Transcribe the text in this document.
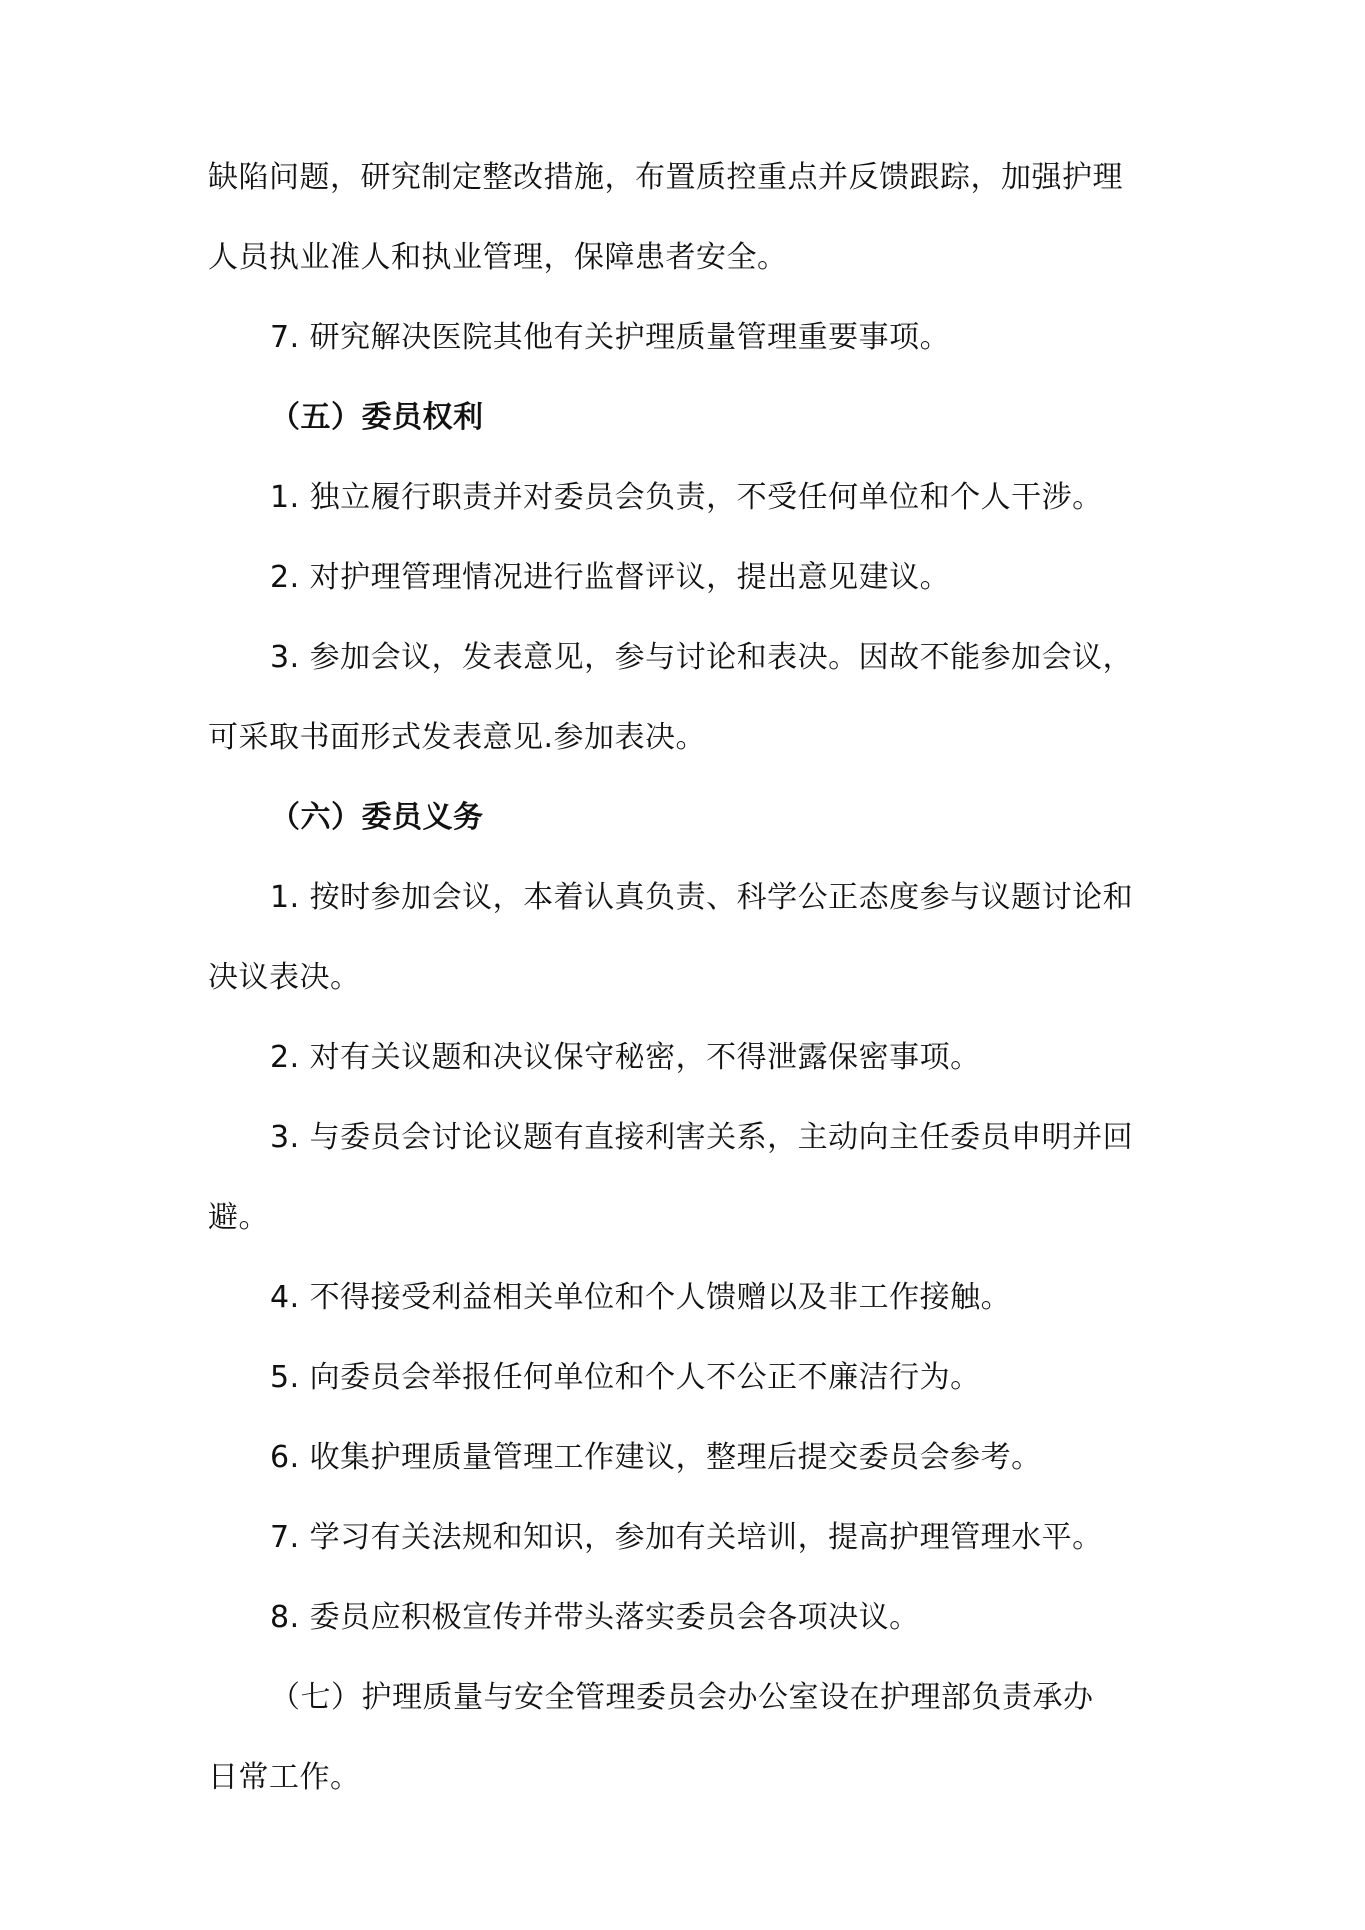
缺陷问题，研究制定整改措施，布置质控重点并反馈跟踪，加强护理
人员执业准人和执业管理，保障患者安全。
7. 研究解决医院其他有关护理质量管理重要事项。
（五）委员权利
1. 独立履行职责并对委员会负责，不受任何单位和个人干涉。
2. 对护理管理情况进行监督评议，提出意见建议。
3. 参加会议，发表意见，参与讨论和表决。因故不能参加会议，
可采取书面形式发表意见.参加表决。
（六）委员义务
1. 按时参加会议，本着认真负责、科学公正态度参与议题讨论和
决议表决。
2. 对有关议题和决议保守秘密，不得泄露保密事项。
3. 与委员会讨论议题有直接利害关系，主动向主任委员申明并回
避。
4. 不得接受利益相关单位和个人馈赠以及非工作接触。
5. 向委员会举报任何单位和个人不公正不廉洁行为。
6. 收集护理质量管理工作建议，整理后提交委员会参考。
7. 学习有关法规和知识，参加有关培训，提高护理管理水平。
8. 委员应积极宣传并带头落实委员会各项决议。
（七）护理质量与安全管理委员会办公室设在护理部负责承办
日常工作。
